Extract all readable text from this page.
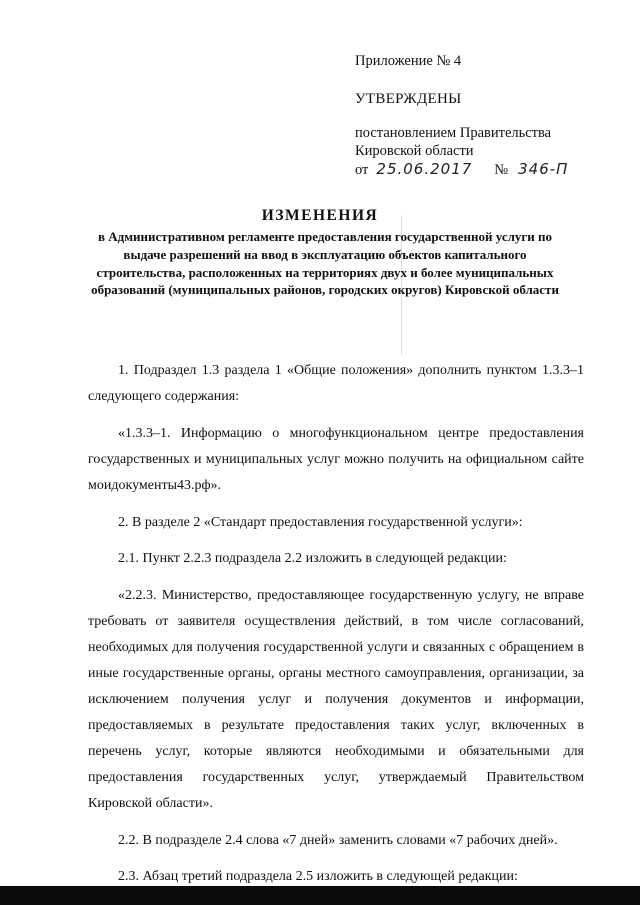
Приложение № 4
УТВЕРЖДЕНЫ
постановлением Правительства
Кировской области
от 25.06.2017 № 346-П
ИЗМЕНЕНИЯ
в Административном регламенте предоставления государственной услуги по выдаче разрешений на ввод в эксплуатацию объектов капитального строительства, расположенных на территориях двух и более муниципальных образований (муниципальных районов, городских округов) Кировской области

1. Подраздел 1.3 раздела 1 «Общие положения» дополнить пунктом 1.3.3–1 следующего содержания:

«1.3.3–1. Информацию о многофункциональном центре предоставления государственных и муниципальных услуг можно получить на официальном сайте моидокументы43.рф».

2. В разделе 2 «Стандарт предоставления государственной услуги»:

2.1. Пункт 2.2.3 подраздела 2.2 изложить в следующей редакции:

«2.2.3. Министерство, предоставляющее государственную услугу, не вправе требовать от заявителя осуществления действий, в том числе согласований, необходимых для получения государственной услуги и связанных с обращением в иные государственные органы, органы местного самоуправления, организации, за исключением получения услуг и получения документов и информации, предоставляемых в результате предоставления таких услуг, включенных в перечень услуг, которые являются необходимыми и обязательными для предоставления государственных услуг, утверждаемый Правительством Кировской области».

2.2. В подразделе 2.4 слова «7 дней» заменить словами «7 рабочих дней».

2.3. Абзац третий подраздела 2.5 изложить в следующей редакции:
